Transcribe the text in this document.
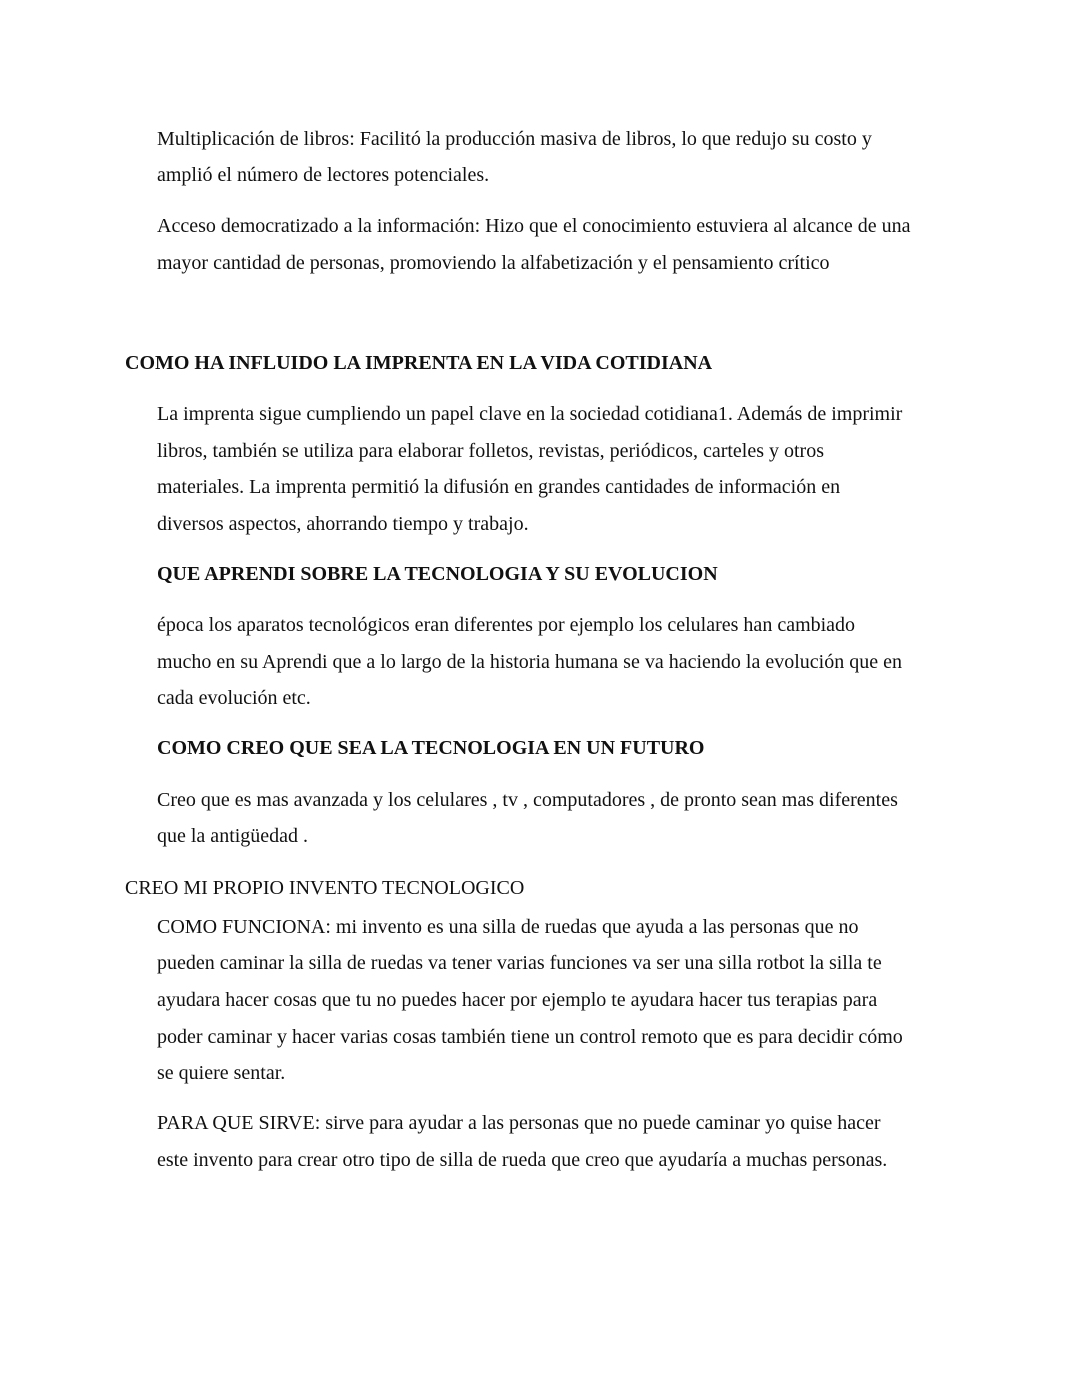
Multiplicación de libros: Facilitó la producción masiva de libros, lo que redujo su costo y
amplió el número de lectores potenciales.
Acceso democratizado a la información: Hizo que el conocimiento estuviera al alcance de una
mayor cantidad de personas, promoviendo la alfabetización y el pensamiento crítico
COMO HA INFLUIDO LA IMPRENTA EN LA VIDA COTIDIANA
La imprenta sigue cumpliendo un papel clave en la sociedad cotidiana1. Además de imprimir
libros, también se utiliza para elaborar folletos, revistas, periódicos, carteles y otros
materiales. La imprenta permitió la difusión en grandes cantidades de información en
diversos aspectos, ahorrando tiempo y trabajo.
QUE APRENDI SOBRE LA TECNOLOGIA Y SU EVOLUCION
época los aparatos tecnológicos eran diferentes por ejemplo los celulares han cambiado
mucho en su Aprendi que a lo largo de la historia humana se va haciendo la evolución que en
cada evolución etc.
COMO CREO QUE SEA LA TECNOLOGIA EN UN FUTURO
Creo que es mas avanzada y los celulares , tv , computadores , de pronto sean mas diferentes
que la antigüedad .
CREO MI PROPIO INVENTO TECNOLOGICO
COMO FUNCIONA: mi invento es una silla de ruedas que ayuda a las personas que no
pueden caminar la silla de ruedas va tener varias funciones va ser una silla rotbot la silla te
ayudara hacer cosas que tu no puedes hacer por ejemplo te ayudara hacer tus terapias para
poder caminar y hacer varias cosas también tiene un control remoto que es para decidir cómo
se quiere sentar.
PARA QUE SIRVE: sirve para ayudar a las personas que no puede caminar yo quise hacer
este invento para crear otro tipo de silla de rueda que creo que ayudaría a muchas personas.
